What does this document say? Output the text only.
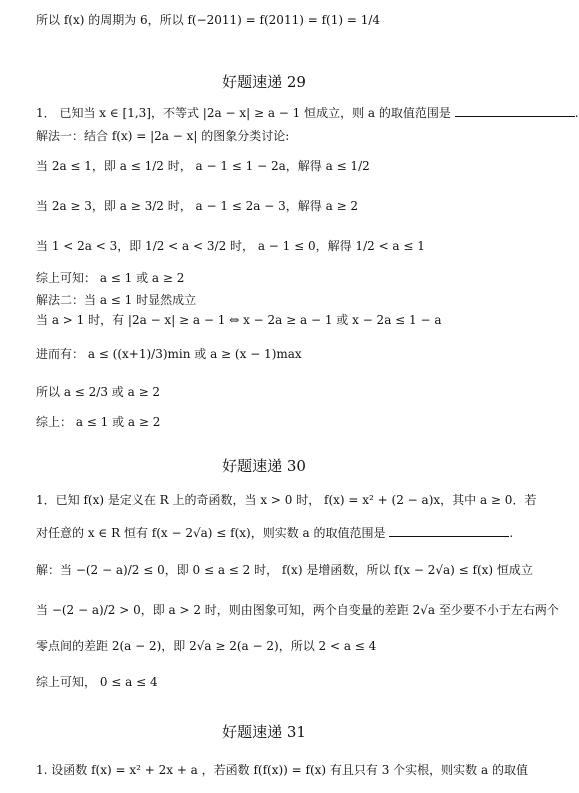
所以 f(x) 的周期为 6，所以 f(−2011) = f(2011) = f(1) = 1/4
好题速递 29
1． 已知当 x ∈ [1,3]，不等式 |2a − x| ≥ a − 1 恒成立，则 a 的取值范围是	.
解法一：结合 f(x) = |2a − x| 的图象分类讨论:
当 2a ≤ 1，即 a ≤ 1/2 时， a − 1 ≤ 1 − 2a，解得 a ≤ 1/2
当 2a ≥ 3，即 a ≥ 3/2 时， a − 1 ≤ 2a − 3，解得 a ≥ 2
当 1 < 2a < 3，即 1/2 < a < 3/2 时， a − 1 ≤ 0，解得 1/2 < a ≤ 1
综上可知： a ≤ 1 或 a ≥ 2
解法二：当 a ≤ 1 时显然成立
当 a > 1 时，有 |2a − x| ≥ a − 1 ⇔ x − 2a ≥ a − 1 或 x − 2a ≤ 1 − a
进而有： a ≤ ((x+1)/3)min 或 a ≥ (x − 1)max
所以 a ≤ 2/3 或 a ≥ 2
综上： a ≤ 1 或 a ≥ 2
好题速递 30
1．已知 f(x) 是定义在 R 上的奇函数，当 x > 0 时， f(x) = x² + (2 − a)x，其中 a ≥ 0．若
对任意的 x ∈ R 恒有 f(x − 2√a) ≤ f(x)，则实数 a 的取值范围是	.
解：当 −(2 − a)/2 ≤ 0，即 0 ≤ a ≤ 2 时， f(x) 是增函数，所以 f(x − 2√a) ≤ f(x) 恒成立
当 −(2 − a)/2 > 0，即 a > 2 时，则由图象可知，两个自变量的差距 2√a 至少要不小于左右两个
零点间的差距 2(a − 2)，即 2√a ≥ 2(a − 2)，所以 2 < a ≤ 4
综上可知， 0 ≤ a ≤ 4
好题速递 31
1. 设函数 f(x) = x² + 2x + a ，若函数 f(f(x)) = f(x) 有且只有 3 个实根，则实数 a 的取值
